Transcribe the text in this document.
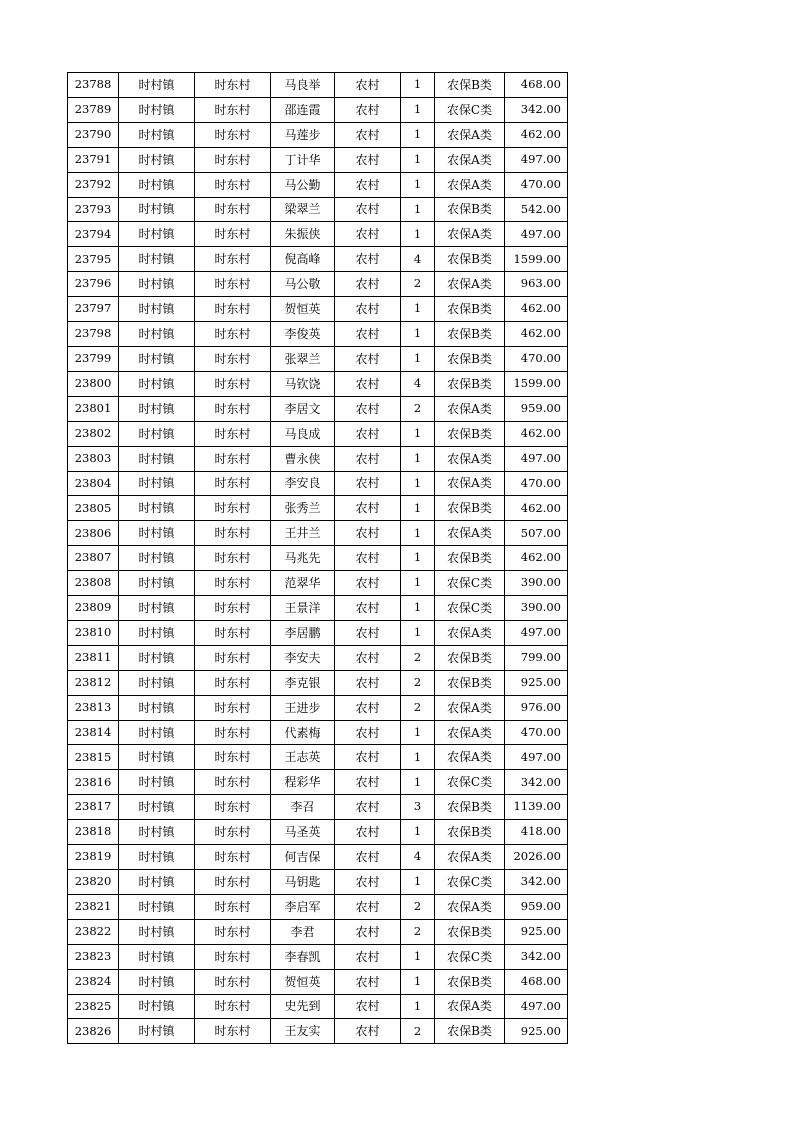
23788	时村镇	时东村	马良举	农村	1	农保B类	468.00
23789	时村镇	时东村	邵连霞	农村	1	农保C类	342.00
23790	时村镇	时东村	马莲步	农村	1	农保A类	462.00
23791	时村镇	时东村	丁计华	农村	1	农保A类	497.00
23792	时村镇	时东村	马公勤	农村	1	农保A类	470.00
23793	时村镇	时东村	梁翠兰	农村	1	农保B类	542.00
23794	时村镇	时东村	朱振侠	农村	1	农保A类	497.00
23795	时村镇	时东村	倪高峰	农村	4	农保B类	1599.00
23796	时村镇	时东村	马公敬	农村	2	农保A类	963.00
23797	时村镇	时东村	贺恒英	农村	1	农保B类	462.00
23798	时村镇	时东村	李俊英	农村	1	农保B类	462.00
23799	时村镇	时东村	张翠兰	农村	1	农保B类	470.00
23800	时村镇	时东村	马钦饶	农村	4	农保B类	1599.00
23801	时村镇	时东村	李居文	农村	2	农保A类	959.00
23802	时村镇	时东村	马良成	农村	1	农保B类	462.00
23803	时村镇	时东村	曹永侠	农村	1	农保A类	497.00
23804	时村镇	时东村	李安良	农村	1	农保A类	470.00
23805	时村镇	时东村	张秀兰	农村	1	农保B类	462.00
23806	时村镇	时东村	王井兰	农村	1	农保A类	507.00
23807	时村镇	时东村	马兆先	农村	1	农保B类	462.00
23808	时村镇	时东村	范翠华	农村	1	农保C类	390.00
23809	时村镇	时东村	王景洋	农村	1	农保C类	390.00
23810	时村镇	时东村	李居鹏	农村	1	农保A类	497.00
23811	时村镇	时东村	李安夫	农村	2	农保B类	799.00
23812	时村镇	时东村	李克银	农村	2	农保B类	925.00
23813	时村镇	时东村	王进步	农村	2	农保A类	976.00
23814	时村镇	时东村	代素梅	农村	1	农保A类	470.00
23815	时村镇	时东村	王志英	农村	1	农保A类	497.00
23816	时村镇	时东村	程彩华	农村	1	农保C类	342.00
23817	时村镇	时东村	李召	农村	3	农保B类	1139.00
23818	时村镇	时东村	马圣英	农村	1	农保B类	418.00
23819	时村镇	时东村	何吉保	农村	4	农保A类	2026.00
23820	时村镇	时东村	马钥匙	农村	1	农保C类	342.00
23821	时村镇	时东村	李启军	农村	2	农保A类	959.00
23822	时村镇	时东村	李君	农村	2	农保B类	925.00
23823	时村镇	时东村	李春凯	农村	1	农保C类	342.00
23824	时村镇	时东村	贺恒英	农村	1	农保B类	468.00
23825	时村镇	时东村	史先到	农村	1	农保A类	497.00
23826	时村镇	时东村	王友实	农村	2	农保B类	925.00
